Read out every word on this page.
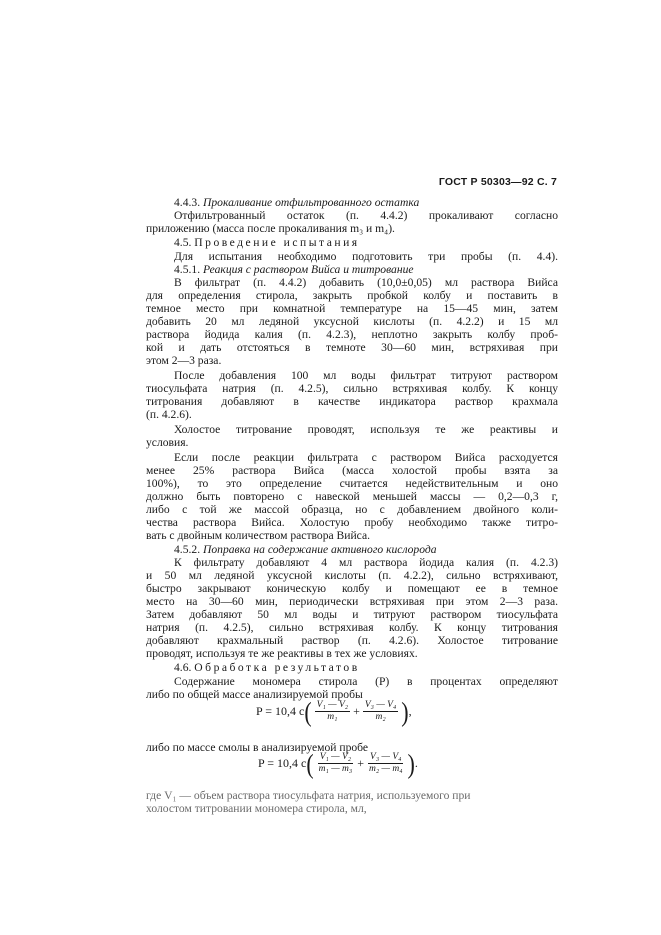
ГОСТ Р 50303—92 С. 7
4.4.3. Прокаливание отфильтрованного остатка
Отфильтрованный остаток (п. 4.4.2) прокаливают согласно
приложению (масса после прокаливания m₃ и m₄).
4.5. Проведение испытания
Для испытания необходимо подготовить три пробы (п. 4.4).
4.5.1. Реакция с раствором Вийса и титрование
В фильтрат (п. 4.4.2) добавить (10,0±0,05) мл раствора Вийса
для определения стирола, закрыть пробкой колбу и поставить в
темное место при комнатной температуре на 15—45 мин, затем
добавить 20 мл ледяной уксусной кислоты (п. 4.2.2) и 15 мл
раствора йодида калия (п. 4.2.3), неплотно закрыть колбу проб-
кой и дать отстояться в темноте 30—60 мин, встряхивая при
этом 2—3 раза.
После добавления 100 мл воды фильтрат титруют раствором
тиосульфата натрия (п. 4.2.5), сильно встряхивая колбу. К концу
титрования добавляют в качестве индикатора раствор крахмала
(п. 4.2.6).
Холостое титрование проводят, используя те же реактивы и
условия.
Если после реакции фильтрата с раствором Вийса расходуется
менее 25% раствора Вийса (масса холостой пробы взята за
100%), то это определение считается недействительным и оно
должно быть повторено с навеской меньшей массы — 0,2—0,3 г,
либо с той же массой образца, но с добавлением двойного коли-
чества раствора Вийса. Холостую пробу необходимо также титро-
вать с двойным количеством раствора Вийса.
4.5.2. Поправка на содержание активного кислорода
К фильтрату добавляют 4 мл раствора йодида калия (п. 4.2.3)
и 50 мл ледяной уксусной кислоты (п. 4.2.2), сильно встряхивают,
быстро закрывают коническую колбу и помещают ее в темное
место на 30—60 мин, периодически встряхивая при этом 2—3 раза.
Затем добавляют 50 мл воды и титруют раствором тиосульфата
натрия (п. 4.2.5), сильно встряхивая колбу. К концу титрования
добавляют крахмальный раствор (п. 4.2.6). Холостое титрование
проводят, используя те же реактивы в тех же условиях.
4.6. Обработка результатов
Содержание мономера стирола (P) в процентах определяют
либо по общей массе анализируемой пробы
либо по массе смолы в анализируемой пробе
где V₁ — объем раствора тиосульфата натрия, используемого при
холостом титровании мономера стирола, мл,
P = 10,4 c ( $\frac{\text{V₁ — V₂}}{\text{m₁}} + \frac{\text{V₃ — V₄}}{\text{m₂}}$ ) ,
P = 10,4 c ( $\frac{\text{V₁ — V₂}}{\text{m₁ — m₃}} + \frac{\text{V₃ — V₄}}{\text{m₂ — m₄}}$ ) .
